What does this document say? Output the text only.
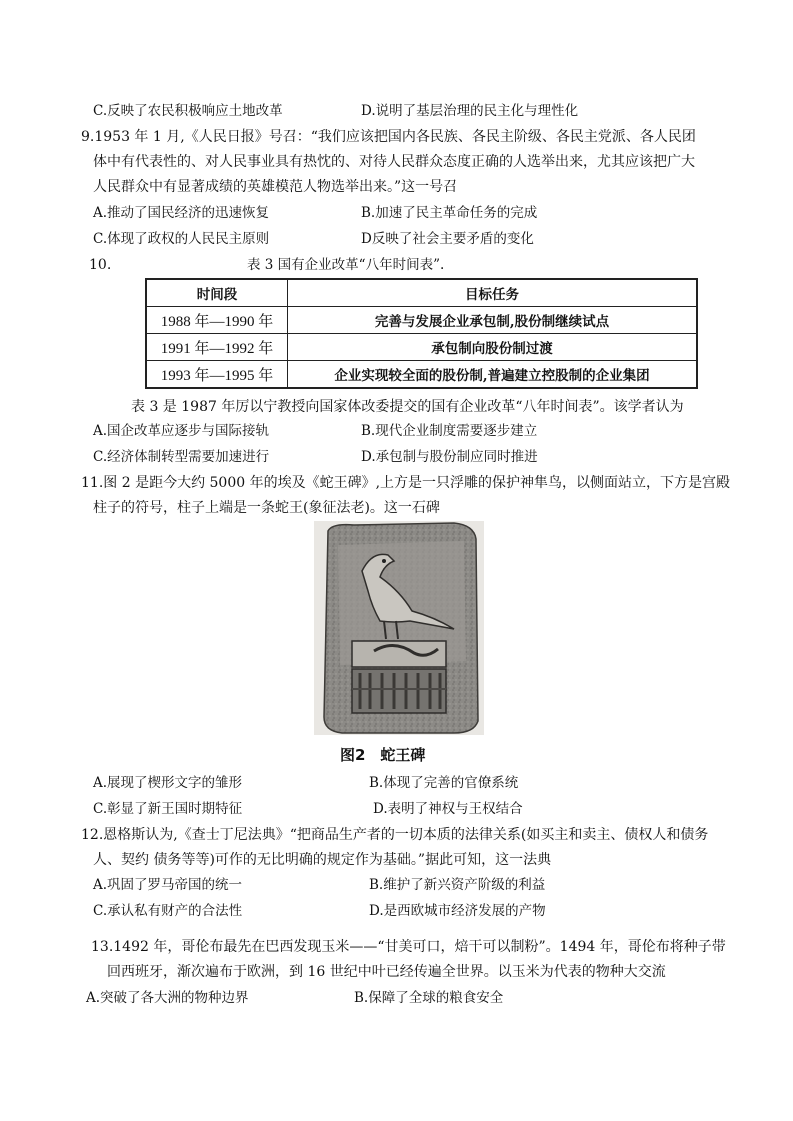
C.反映了农民积极响应土地改革	D.说明了基层治理的民主化与理性化
9.1953 年 1 月,《人民日报》号召：“我们应该把国内各民族、各民主阶级、各民主党派、各人民团
体中有代表性的、对人民事业具有热忱的、对待人民群众态度正确的人选举出来，尤其应该把广大
人民群众中有显著成绩的英雄模范人物选举出来。”这一号召
A.推动了国民经济的迅速恢复	B.加速了民主革命任务的完成
C.体现了政权的人民民主原则	D反映了社会主要矛盾的变化
10.	表 3 国有企业改革“八年时间表”.
时间段	目标任务
1988 年—1990 年	完善与发展企业承包制,股份制继续试点
1991 年—1992 年	承包制向股份制过渡
1993 年—1995 年	企业实现较全面的股份制,普遍建立控股制的企业集团
表 3 是 1987 年厉以宁教授向国家体改委提交的国有企业改革“八年时间表”。该学者认为
A.国企改革应逐步与国际接轨	B.现代企业制度需要逐步建立
C.经济体制转型需要加速进行	D.承包制与股份制应同时推进
11.图 2 是距今大约 5000 年的埃及《蛇王碑》,上方是一只浮雕的保护神隼鸟，以侧面站立，下方是宫殿
柱子的符号，柱子上端是一条蛇王(象征法老)。这一石碑
图2　蛇王碑
A.展现了楔形文字的雏形	B.体现了完善的官僚系统
C.彰显了新王国时期特征	D.表明了神权与王权结合
12.恩格斯认为,《查士丁尼法典》“把商品生产者的一切本质的法律关系(如买主和卖主、债权人和债务
人、契约 债务等等)可作的无比明确的规定作为基础。”据此可知，这一法典
A.巩固了罗马帝国的统一	B.维护了新兴资产阶级的利益
C.承认私有财产的合法性	D.是西欧城市经济发展的产物
13.1492 年，哥伦布最先在巴西发现玉米——“甘美可口，焙干可以制粉”。1494 年，哥伦布将种子带
回西班牙，渐次遍布于欧洲，到 16 世纪中叶已经传遍全世界。以玉米为代表的物种大交流
A.突破了各大洲的物种边界	B.保障了全球的粮食安全
